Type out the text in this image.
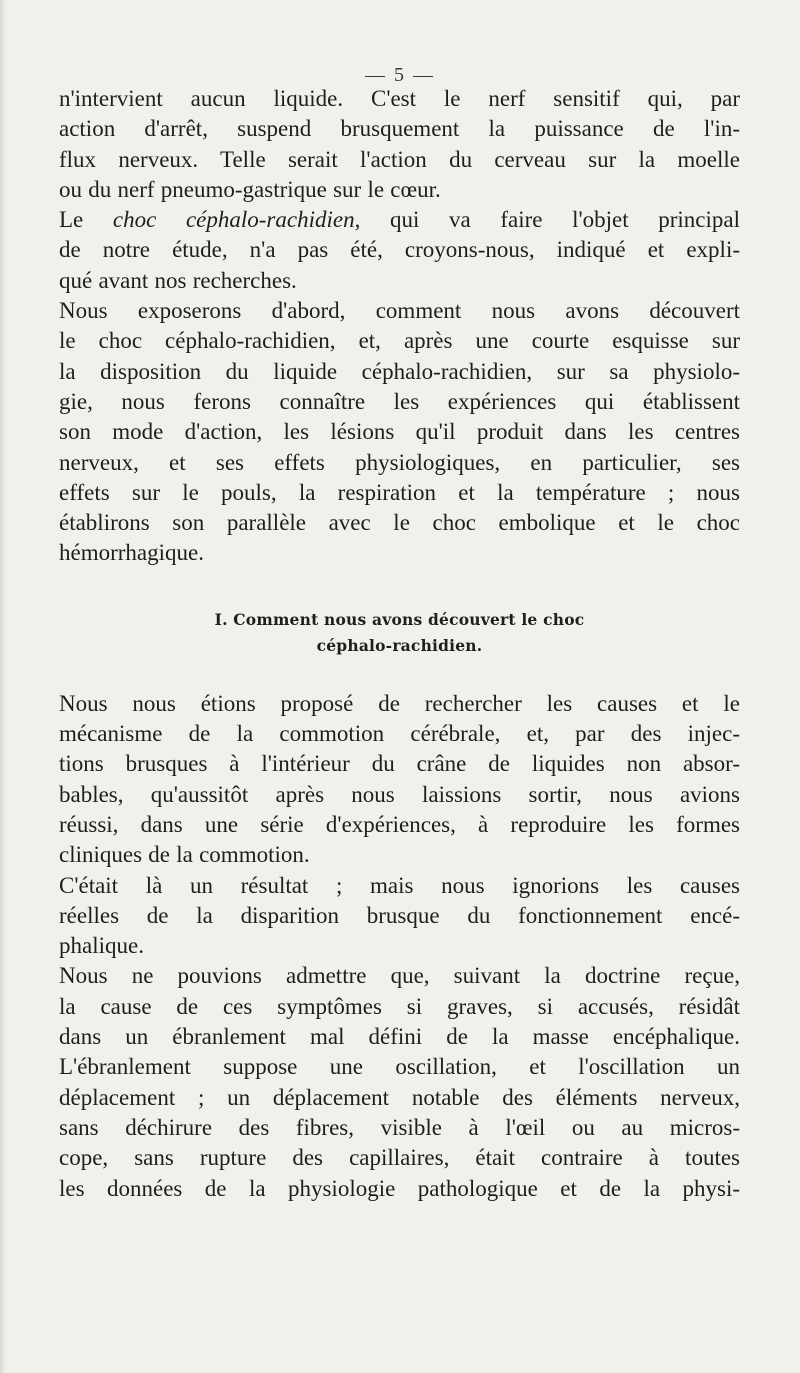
— 5 —

n'intervient aucun liquide. C'est le nerf sensitif qui, par

action d'arrêt, suspend brusquement la puissance de l'in-

flux nerveux. Telle serait l'action du cerveau sur la moelle

ou du nerf pneumo-gastrique sur le cœur.

Le choc céphalo-rachidien, qui va faire l'objet principal

de notre étude, n'a pas été, croyons-nous, indiqué et expli-

qué avant nos recherches.

Nous exposerons d'abord, comment nous avons découvert

le choc céphalo-rachidien, et, après une courte esquisse sur

la disposition du liquide céphalo-rachidien, sur sa physiolo-

gie, nous ferons connaître les expériences qui établissent

son mode d'action, les lésions qu'il produit dans les centres

nerveux, et ses effets physiologiques, en particulier, ses

effets sur le pouls, la respiration et la température ; nous

établirons son parallèle avec le choc embolique et le choc

hémorrhagique.

I. Comment nous avons découvert le choc
céphalo-rachidien.

Nous nous étions proposé de rechercher les causes et le

mécanisme de la commotion cérébrale, et, par des injec-

tions brusques à l'intérieur du crâne de liquides non absor-

bables, qu'aussitôt après nous laissions sortir, nous avions

réussi, dans une série d'expériences, à reproduire les formes

cliniques de la commotion.

C'était là un résultat ; mais nous ignorions les causes

réelles de la disparition brusque du fonctionnement encé-

phalique.

Nous ne pouvions admettre que, suivant la doctrine reçue,

la cause de ces symptômes si graves, si accusés, résidât

dans un ébranlement mal défini de la masse encéphalique.

L'ébranlement suppose une oscillation, et l'oscillation un

déplacement ; un déplacement notable des éléments nerveux,

sans déchirure des fibres, visible à l'œil ou au micros-

cope, sans rupture des capillaires, était contraire à toutes

les données de la physiologie pathologique et de la physi-
